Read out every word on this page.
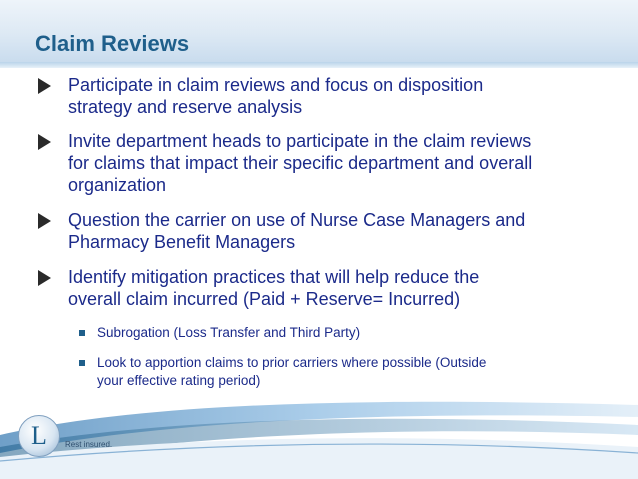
Claim Reviews
Participate in claim reviews and focus on disposition
strategy and reserve analysis
Invite department heads to participate in the claim reviews
for claims that impact their specific department and overall
organization
Question the carrier on use of Nurse Case Managers and
Pharmacy Benefit Managers
Identify mitigation practices that will help reduce the
overall claim incurred (Paid + Reserve= Incurred)
Subrogation (Loss Transfer and Third Party)
Look to apportion claims to prior carriers where possible (Outside
your effective rating period)
L	Rest insured.
